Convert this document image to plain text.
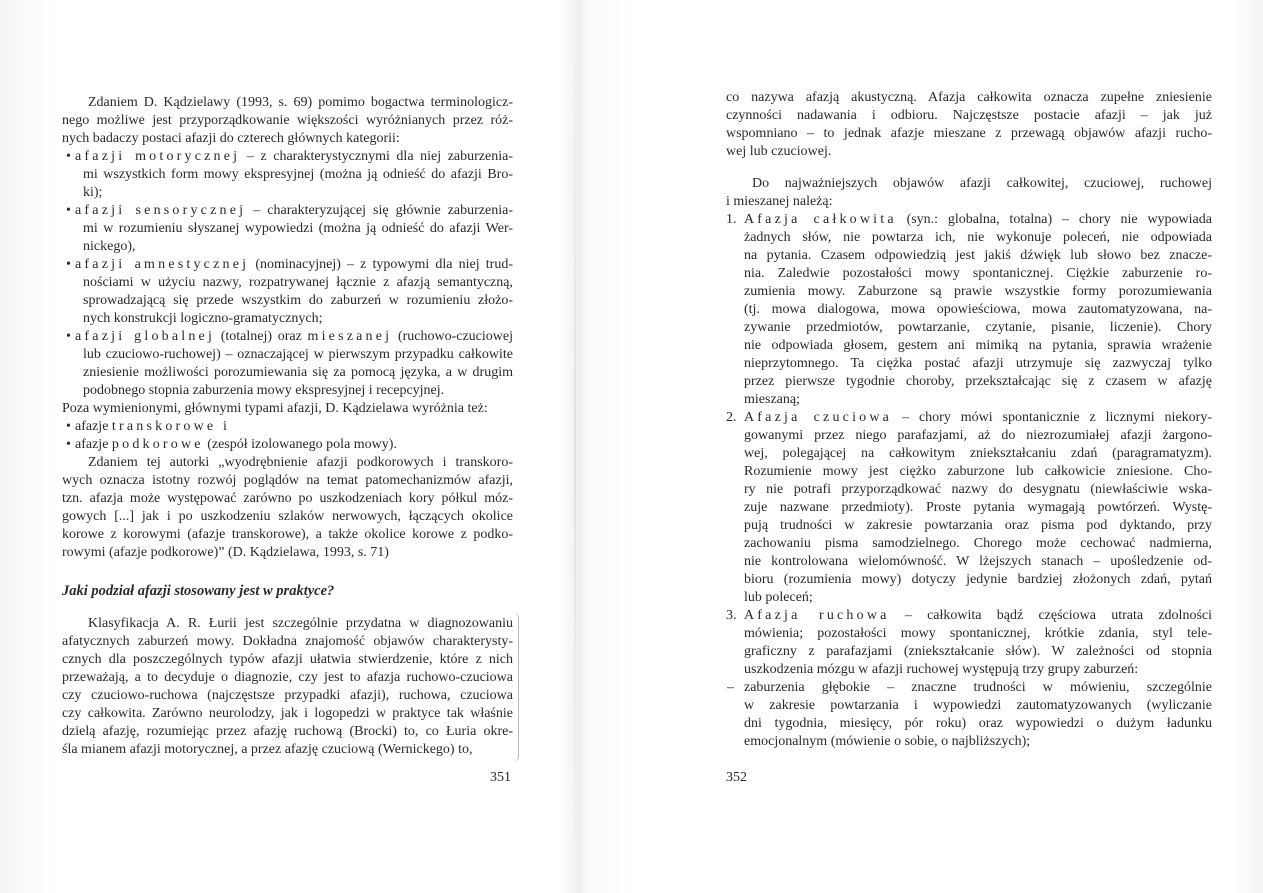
Zdaniem D. Kądzielawy (1993, s. 69) pomimo bogactwa terminologicz-
nego możliwe jest przyporządkowanie większości wyróżnianych przez róż-
nych badaczy postaci afazji do czterech głównych kategorii:
• afazji motorycznej – z charakterystycznymi dla niej zaburzenia-
mi wszystkich form mowy ekspresyjnej (można ją odnieść do afazji Bro-
ki);
• afazji sensorycznej – charakteryzującej się głównie zaburzenia-
mi w rozumieniu słyszanej wypowiedzi (można ją odnieść do afazji Wer-
nickego),
• afazji amnestycznej (nominacyjnej) – z typowymi dla niej trud-
nościami w użyciu nazwy, rozpatrywanej łącznie z afazją semantyczną,
sprowadzającą się przede wszystkim do zaburzeń w rozumieniu złożo-
nych konstrukcji logiczno-gramatycznych;
• afazji globalnej (totalnej) oraz mieszanej (ruchowo-czuciowej
lub czuciowo-ruchowej) – oznaczającej w pierwszym przypadku całkowite
zniesienie możliwości porozumiewania się za pomocą języka, a w drugim
podobnego stopnia zaburzenia mowy ekspresyjnej i recepcyjnej.
Poza wymienionymi, głównymi typami afazji, D. Kądzielawa wyróżnia też:
• afazje transkorowe i
• afazje podkorowe (zespół izolowanego pola mowy).
Zdaniem tej autorki „wyodrębnienie afazji podkorowych i transkoro-
wych oznacza istotny rozwój poglądów na temat patomechanizmów afazji,
tzn. afazja może występować zarówno po uszkodzeniach kory półkul móz-
gowych [...] jak i po uszkodzeniu szlaków nerwowych, łączących okolice
korowe z korowymi (afazje transkorowe), a także okolice korowe z podko-
rowymi (afazje podkorowe)” (D. Kądzielawa, 1993, s. 71)
Jaki podział afazji stosowany jest w praktyce?
Klasyfikacja A. R. Łurii jest szczególnie przydatna w diagnozowaniu
afatycznych zaburzeń mowy. Dokładna znajomość objawów charakterysty-
cznych dla poszczególnych typów afazji ułatwia stwierdzenie, które z nich
przeważają, a to decyduje o diagnozie, czy jest to afazja ruchowo-czuciowa
czy czuciowo-ruchowa (najczęstsze przypadki afazji), ruchowa, czuciowa
czy całkowita. Zarówno neurolodzy, jak i logopedzi w praktyce tak właśnie
dzielą afazję, rozumiejąc przez afazję ruchową (Brocki) to, co Łuria okre-
śla mianem afazji motorycznej, a przez afazję czuciową (Wernickego) to,
co nazywa afazją akustyczną. Afazja całkowita oznacza zupełne zniesienie
czynności nadawania i odbioru. Najczęstsze postacie afazji – jak już
wspomniano – to jednak afazje mieszane z przewagą objawów afazji rucho-
wej lub czuciowej.
Do najważniejszych objawów afazji całkowitej, czuciowej, ruchowej
i mieszanej należą:
1. Afazja całkowita (syn.: globalna, totalna) – chory nie wypowiada
żadnych słów, nie powtarza ich, nie wykonuje poleceń, nie odpowiada
na pytania. Czasem odpowiedzią jest jakiś dźwięk lub słowo bez znacze-
nia. Zaledwie pozostałości mowy spontanicznej. Ciężkie zaburzenie ro-
zumienia mowy. Zaburzone są prawie wszystkie formy porozumiewania
(tj. mowa dialogowa, mowa opowieściowa, mowa zautomatyzowana, na-
zywanie przedmiotów, powtarzanie, czytanie, pisanie, liczenie). Chory
nie odpowiada głosem, gestem ani mimiką na pytania, sprawia wrażenie
nieprzytomnego. Ta ciężka postać afazji utrzymuje się zazwyczaj tylko
przez pierwsze tygodnie choroby, przekształcając się z czasem w afazję
mieszaną;
2. Afazja czuciowa – chory mówi spontanicznie z licznymi niekory-
gowanymi przez niego parafazjami, aż do niezrozumiałej afazji żargono-
wej, polegającej na całkowitym zniekształcaniu zdań (paragramatyzm).
Rozumienie mowy jest ciężko zaburzone lub całkowicie zniesione. Cho-
ry nie potrafi przyporządkować nazwy do desygnatu (niewłaściwie wska-
zuje nazwane przedmioty). Proste pytania wymagają powtórzeń. Wystę-
pują trudności w zakresie powtarzania oraz pisma pod dyktando, przy
zachowaniu pisma samodzielnego. Chorego może cechować nadmierna,
nie kontrolowana wielomówność. W lżejszych stanach – upośledzenie od-
bioru (rozumienia mowy) dotyczy jedynie bardziej złożonych zdań, pytań
lub poleceń;
3. Afazja ruchowa – całkowita bądź częściowa utrata zdolności
mówienia; pozostałości mowy spontanicznej, krótkie zdania, styl tele-
graficzny z parafazjami (zniekształcanie słów). W zależności od stopnia
uszkodzenia mózgu w afazji ruchowej występują trzy grupy zaburzeń:
– zaburzenia głębokie – znaczne trudności w mówieniu, szczególnie
w zakresie powtarzania i wypowiedzi zautomatyzowanych (wyliczanie
dni tygodnia, miesięcy, pór roku) oraz wypowiedzi o dużym ładunku
emocjonalnym (mówienie o sobie, o najbliższych);
351	352
